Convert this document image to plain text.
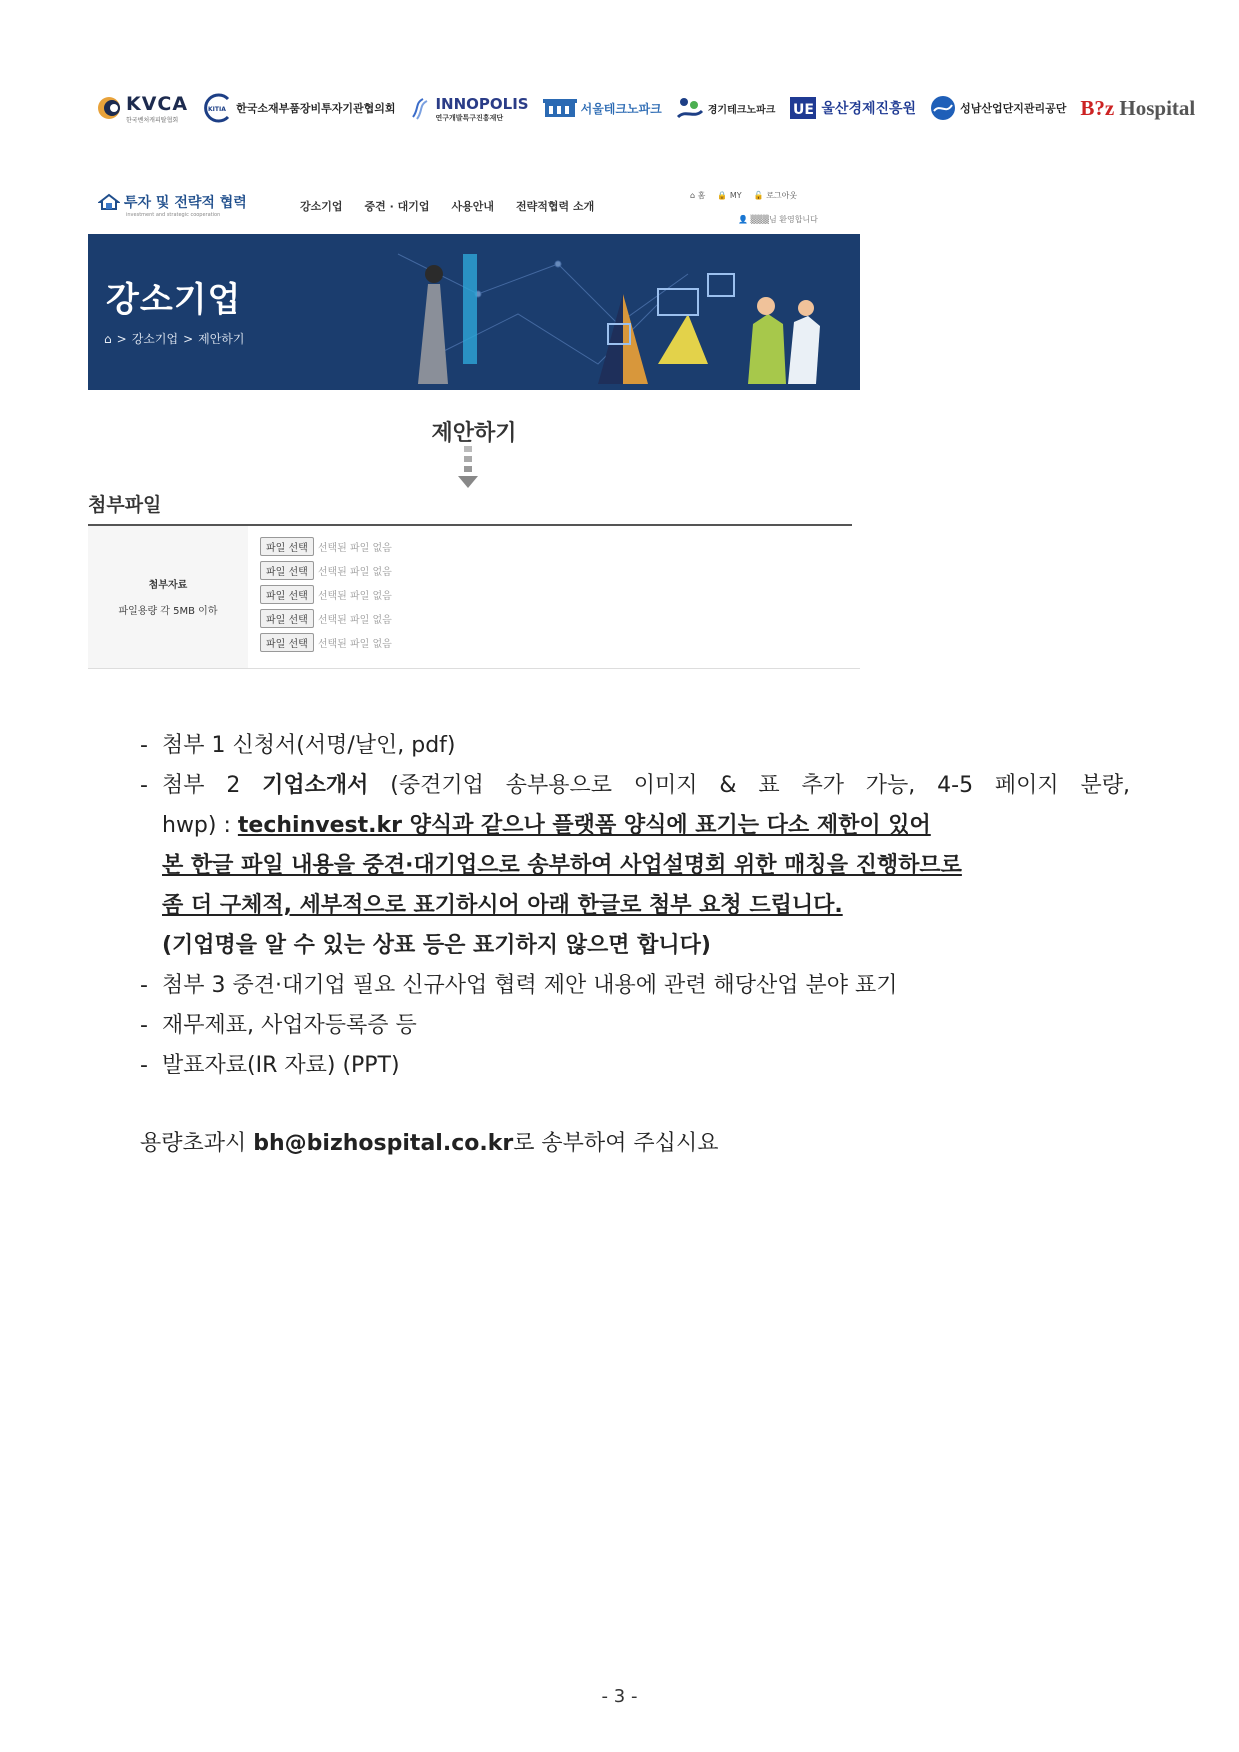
KVCA
한국벤처캐피탈협회
KITIA 한국소재부품장비투자기관협의회	INNOPOLIS
연구개발특구진흥재단
서울테크노파크	경기테크노파크 UE 울산경제진흥원	성남산업단지관리공단 B?z Hospital
투자 및 전략적 협력
investment and strategic cooperation
강소기업 중견 · 대기업 사용안내 전략적협력 소개
⌂ 홈 🔒 MY 🔓 로그아웃
👤 ▒▒▒님 환영합니다
강소기업
⌂ > 강소기업 > 제안하기
제안하기
첨부파일
첨부자료
파일용량 각 5MB 이하
파일 선택	선택된 파일 없음
파일 선택	선택된 파일 없음
파일 선택	선택된 파일 없음
파일 선택	선택된 파일 없음
파일 선택	선택된 파일 없음
- 첨부 1 신청서(서명/날인, pdf)
- 첨부 2 기업소개서 (중견기업 송부용으로 이미지 & 표 추가 가능, 4-5 페이지 분량,
hwp) : techinvest.kr 양식과 같으나 플랫폼 양식에 표기는 다소 제한이 있어
본 한글 파일 내용을 중견·대기업으로 송부하여 사업설명회 위한 매칭을 진행하므로
좀 더 구체적, 세부적으로 표기하시어 아래 한글로 첨부 요청 드립니다.
(기업명을 알 수 있는 상표 등은 표기하지 않으면 합니다)
- 첨부 3 중견·대기업 필요 신규사업 협력 제안 내용에 관련 해당산업 분야 표기
- 재무제표, 사업자등록증 등
- 발표자료(IR 자료) (PPT)
용량초과시 bh@bizhospital.co.kr로 송부하여 주십시요
- 3 -
